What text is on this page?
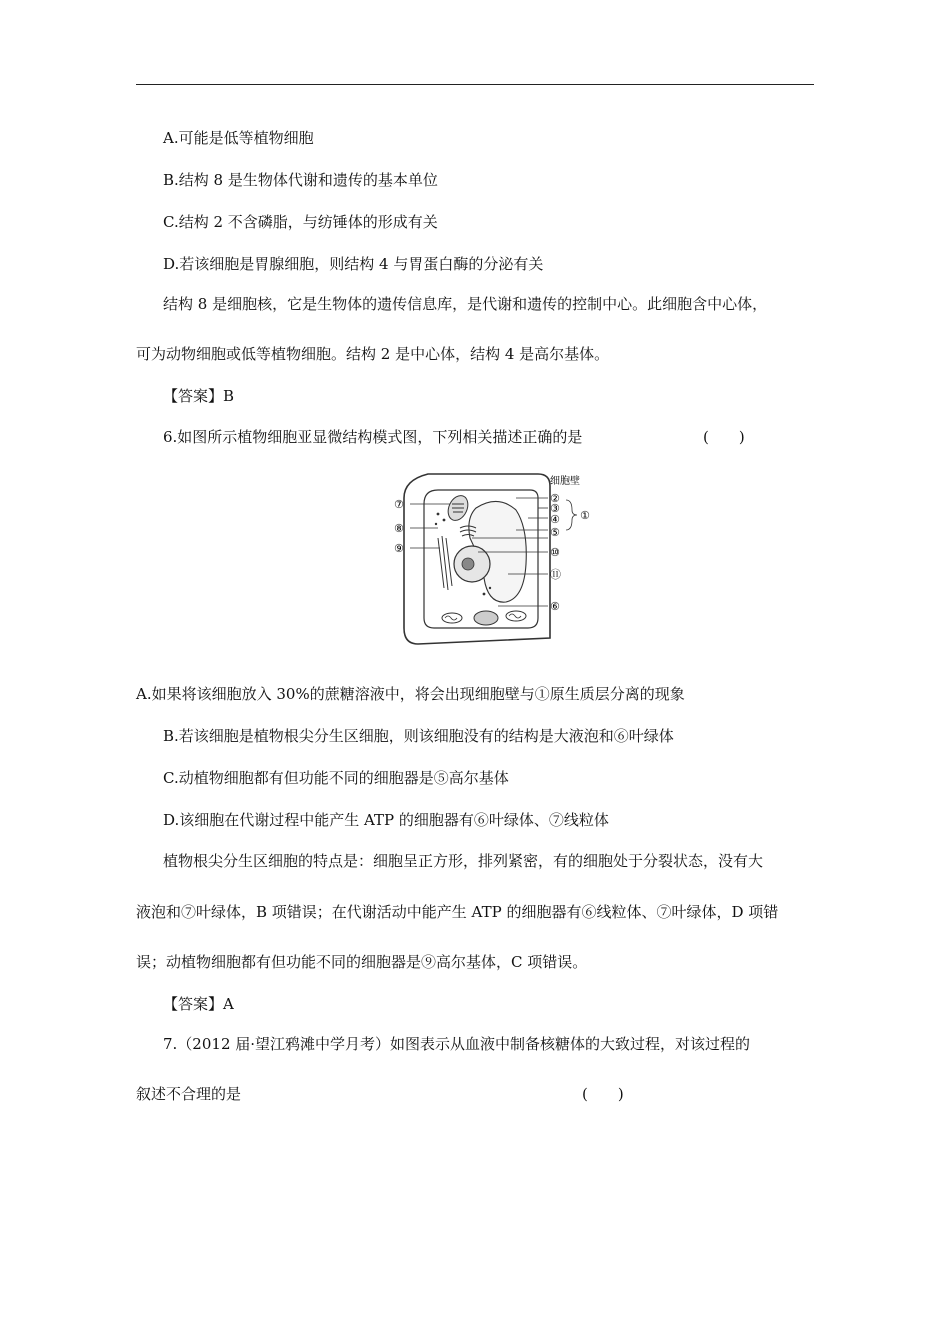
A.可能是低等植物细胞
B.结构 8 是生物体代谢和遗传的基本单位
C.结构 2 不含磷脂，与纺锤体的形成有关
D.若该细胞是胃腺细胞，则结构 4 与胃蛋白酶的分泌有关
结构 8 是细胞核，它是生物体的遗传信息库，是代谢和遗传的控制中心。此细胞含中心体，
可为动物细胞或低等植物细胞。结构 2 是中心体，结构 4 是高尔基体。
【答案】B
6.如图所示植物细胞亚显微结构模式图，下列相关描述正确的是	(　　)
细胞壁
②
③
④ ①
⑤
⑩
⑪
⑥
⑦
⑧
⑨
A.如果将该细胞放入 30%的蔗糖溶液中，将会出现细胞壁与①原生质层分离的现象
B.若该细胞是植物根尖分生区细胞，则该细胞没有的结构是大液泡和⑥叶绿体
C.动植物细胞都有但功能不同的细胞器是⑤高尔基体
D.该细胞在代谢过程中能产生 ATP 的细胞器有⑥叶绿体、⑦线粒体
植物根尖分生区细胞的特点是：细胞呈正方形，排列紧密，有的细胞处于分裂状态，没有大
液泡和⑦叶绿体，B 项错误；在代谢活动中能产生 ATP 的细胞器有⑥线粒体、⑦叶绿体，D 项错
误；动植物细胞都有但功能不同的细胞器是⑨高尔基体，C 项错误。
【答案】A
7.（2012 届·望江鸦滩中学月考）如图表示从血液中制备核糖体的大致过程，对该过程的
叙述不合理的是	(　　)
